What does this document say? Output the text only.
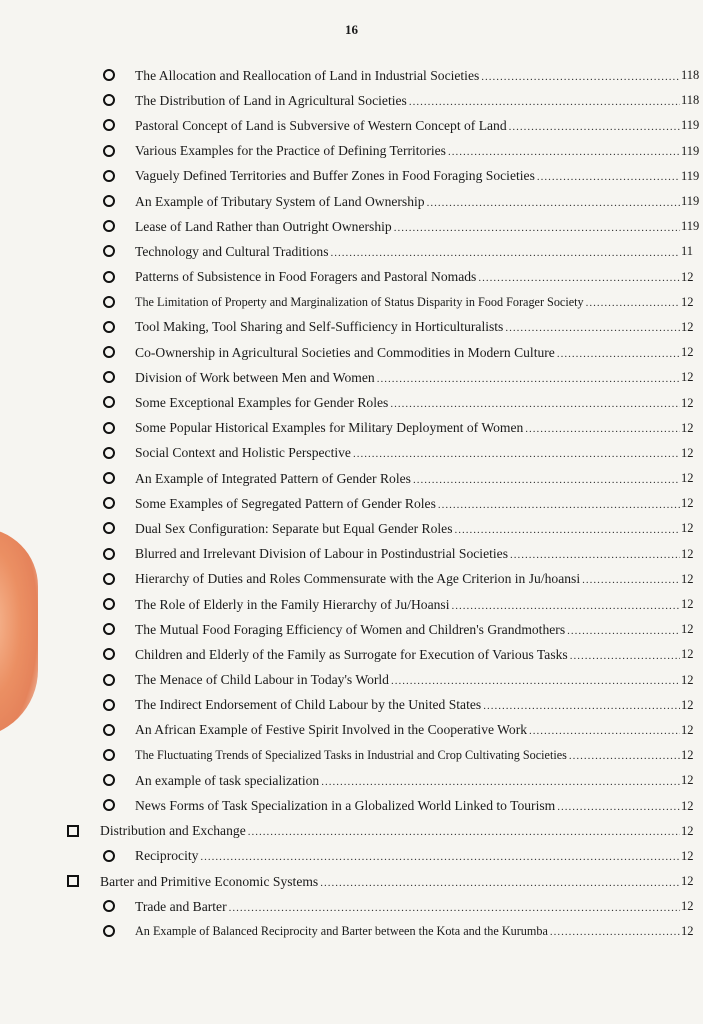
16
The Allocation and Reallocation of Land in Industrial Societies .....	118
The Distribution of Land in Agricultural Societies .....	118
Pastoral Concept of Land is Subversive of Western Concept of Land .....	119
Various Examples for the Practice of Defining Territories .....	119
Vaguely Defined Territories and Buffer Zones in Food Foraging Societies .....	119
An Example of Tributary System of Land Ownership .....	119
Lease of Land Rather than Outright Ownership .....	119
Technology and Cultural Traditions .....	11
Patterns of Subsistence in Food Foragers and Pastoral Nomads .....	12
The Limitation of Property and Marginalization of Status Disparity in Food Forager Society .....	12
Tool Making, Tool Sharing and Self-Sufficiency in Horticulturalists .....	12
Co-Ownership in Agricultural Societies and Commodities in Modern Culture .....	12
Division of Work between Men and Women .....	12
Some Exceptional Examples for Gender Roles .....	12
Some Popular Historical Examples for Military Deployment of Women .....	12
Social Context and Holistic Perspective .....	12
An Example of Integrated Pattern of Gender Roles .....	12
Some Examples of Segregated Pattern of Gender Roles .....	12
Dual Sex Configuration: Separate but Equal Gender Roles .....	12
Blurred and Irrelevant Division of Labour in Postindustrial Societies .....	12
Hierarchy of Duties and Roles Commensurate with the Age Criterion in Ju/hoansi .....	12
The Role of Elderly in the Family Hierarchy of Ju/Hoansi .....	12
The Mutual Food Foraging Efficiency of Women and Children's Grandmothers .....	12
Children and Elderly of the Family as Surrogate for Execution of Various Tasks .....	12
The Menace of Child Labour in Today's World .....	12
The Indirect Endorsement of Child Labour by the United States .....	12
An African Example of Festive Spirit Involved in the Cooperative Work .....	12
The Fluctuating Trends of Specialized Tasks in Industrial and Crop Cultivating Societies .....	12
An example of task specialization .....	12
News Forms of Task Specialization in a Globalized World Linked to Tourism .....	12
Distribution and Exchange .....	12
Reciprocity .....	12
Barter and Primitive Economic Systems .....	12
Trade and Barter .....	12
An Example of Balanced Reciprocity and Barter between the Kota and the Kurumba .....	12
